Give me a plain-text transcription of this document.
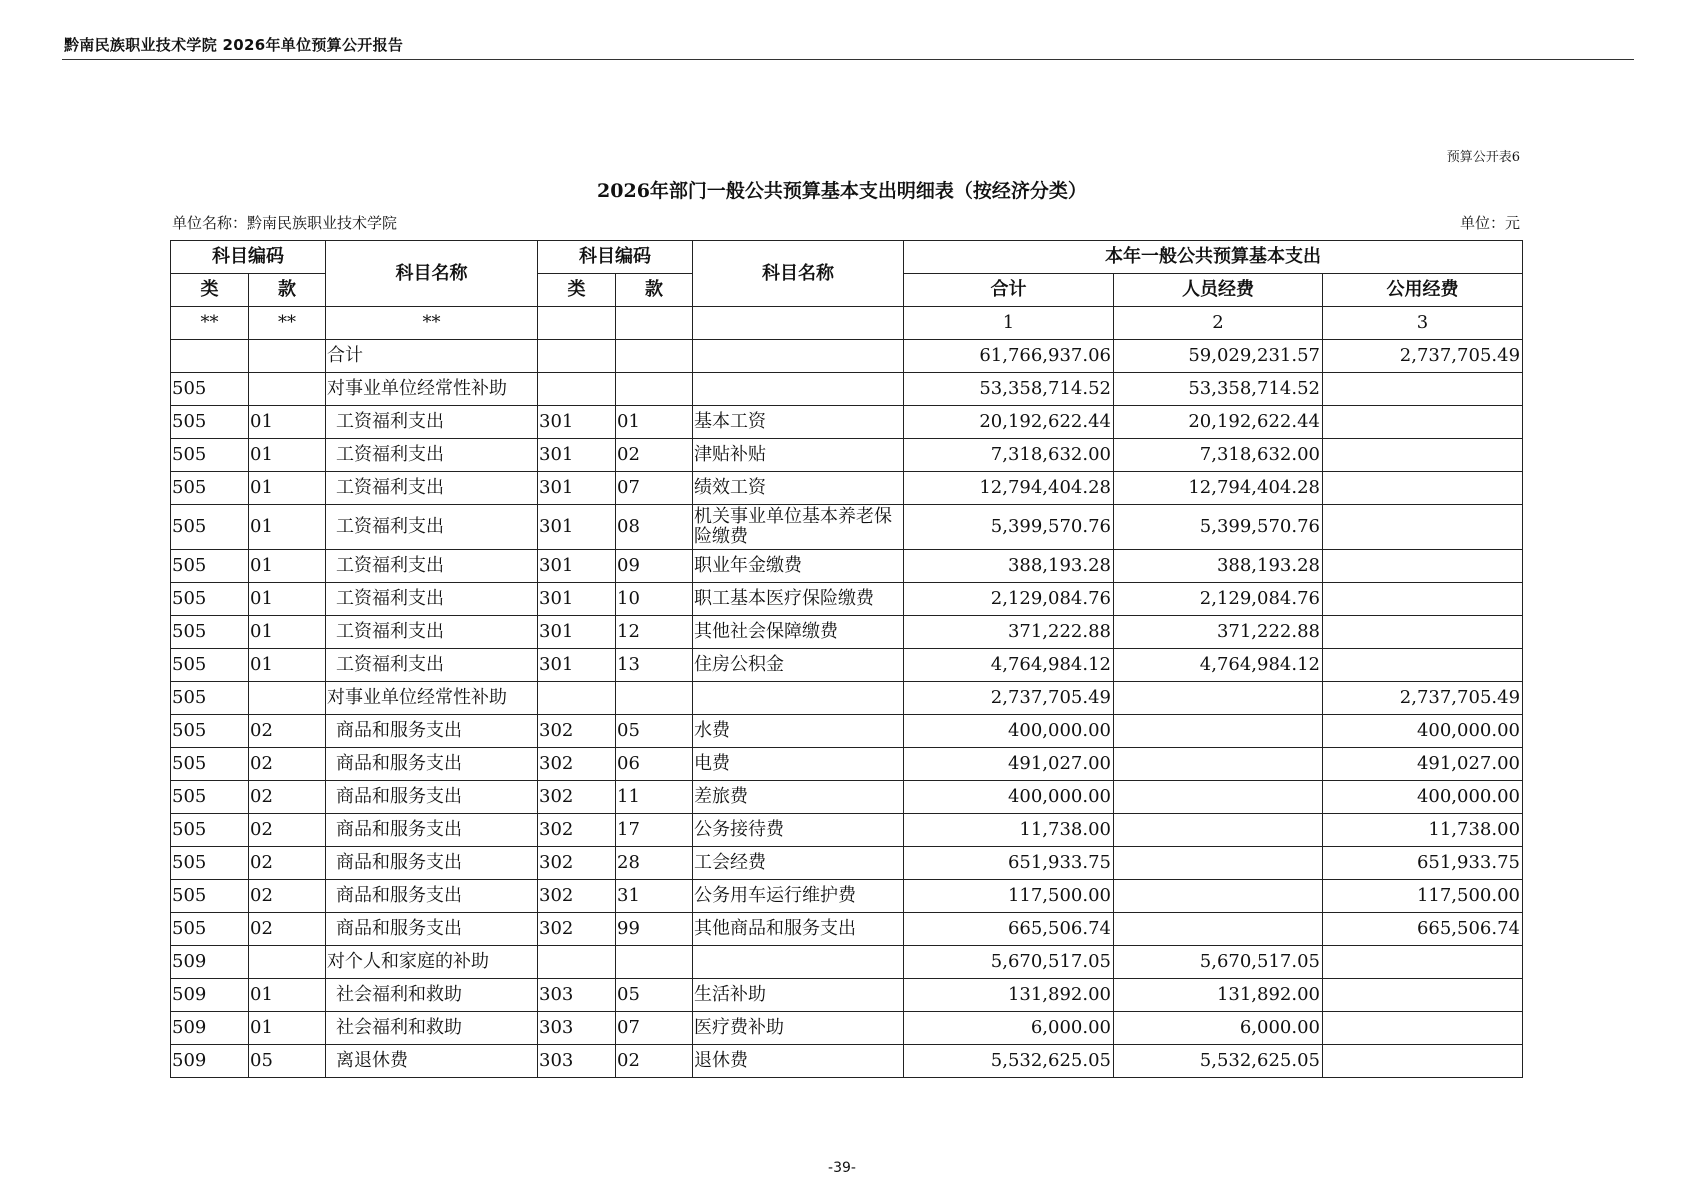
黔南民族职业技术学院 2026年单位预算公开报告
预算公开表6
2026年部门一般公共预算基本支出明细表（按经济分类）
单位名称：黔南民族职业技术学院	单位：元
科目编码		科目名称	科目编码		科目名称	本年一般公共预算基本支出		
类	款		类	款		合计	人员经费	公用经费
**	**	**				1	2	3
		合计				61,766,937.06	59,029,231.57	2,737,705.49
505		对事业单位经常性补助				53,358,714.52	53,358,714.52	
505	01	工资福利支出	301	01	基本工资	20,192,622.44	20,192,622.44	
505	01	工资福利支出	301	02	津贴补贴	7,318,632.00	7,318,632.00	
505	01	工资福利支出	301	07	绩效工资	12,794,404.28	12,794,404.28	
505	01	工资福利支出	301	08	机关事业单位基本养老保险缴费	5,399,570.76	5,399,570.76	
505	01	工资福利支出	301	09	职业年金缴费	388,193.28	388,193.28	
505	01	工资福利支出	301	10	职工基本医疗保险缴费	2,129,084.76	2,129,084.76	
505	01	工资福利支出	301	12	其他社会保障缴费	371,222.88	371,222.88	
505	01	工资福利支出	301	13	住房公积金	4,764,984.12	4,764,984.12	
505		对事业单位经常性补助				2,737,705.49		2,737,705.49
505	02	商品和服务支出	302	05	水费	400,000.00		400,000.00
505	02	商品和服务支出	302	06	电费	491,027.00		491,027.00
505	02	商品和服务支出	302	11	差旅费	400,000.00		400,000.00
505	02	商品和服务支出	302	17	公务接待费	11,738.00		11,738.00
505	02	商品和服务支出	302	28	工会经费	651,933.75		651,933.75
505	02	商品和服务支出	302	31	公务用车运行维护费	117,500.00		117,500.00
505	02	商品和服务支出	302	99	其他商品和服务支出	665,506.74		665,506.74
509		对个人和家庭的补助				5,670,517.05	5,670,517.05	
509	01	社会福利和救助	303	05	生活补助	131,892.00	131,892.00	
509	01	社会福利和救助	303	07	医疗费补助	6,000.00	6,000.00	
509	05	离退休费	303	02	退休费	5,532,625.05	5,532,625.05	
-39-
